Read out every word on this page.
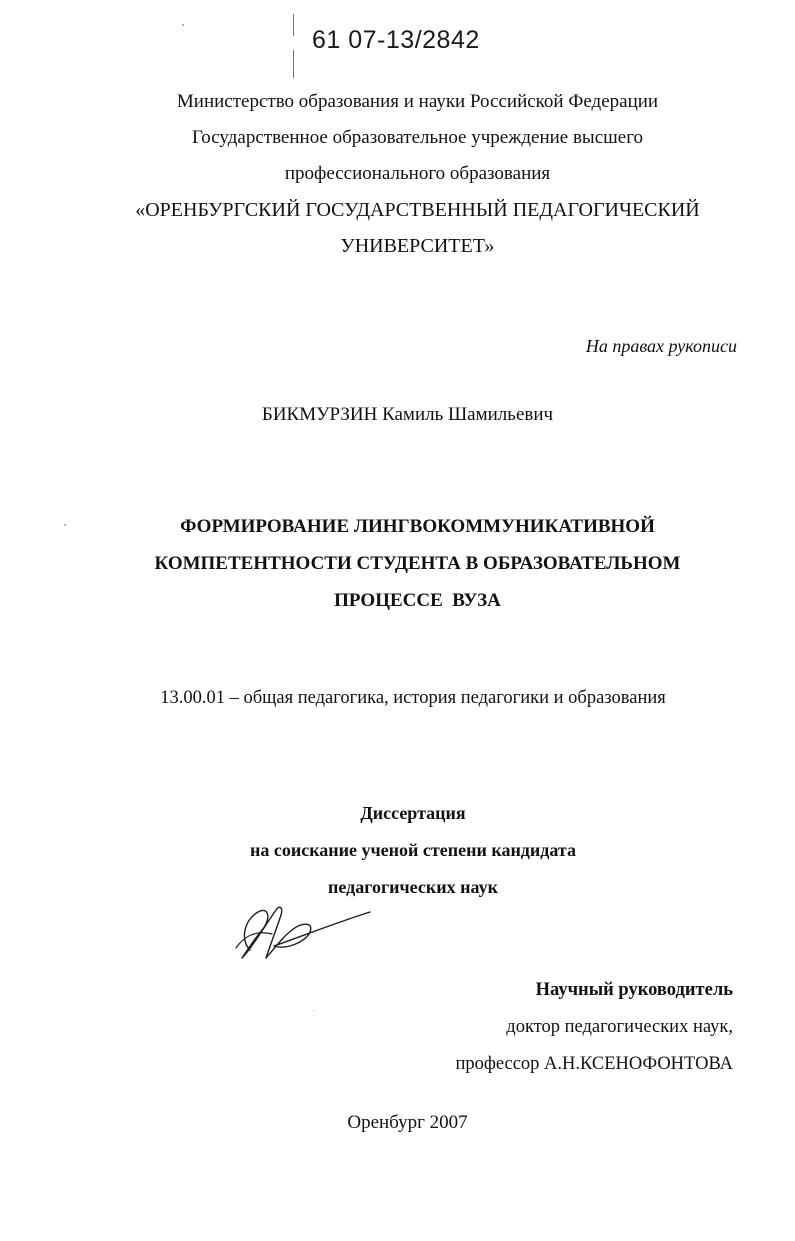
61 07-13/2842
Министерство образования и науки Российской Федерации
Государственное образовательное учреждение высшего
профессионального образования
«ОРЕНБУРГСКИЙ ГОСУДАРСТВЕННЫЙ ПЕДАГОГИЧЕСКИЙ
УНИВЕРСИТЕТ»
На правах рукописи
БИКМУРЗИН Камиль Шамильевич
ФОРМИРОВАНИЕ ЛИНГВОКОММУНИКАТИВНОЙ
КОМПЕТЕНТНОСТИ СТУДЕНТА В ОБРАЗОВАТЕЛЬНОМ
ПРОЦЕССЕ  ВУЗА
13.00.01 – общая педагогика, история педагогики и образования
Диссертация
на соискание ученой степени кандидата
педагогических наук
Научный руководитель
доктор педагогических наук,
профессор А.Н.КСЕНОФОНТОВА
Оренбург 2007
